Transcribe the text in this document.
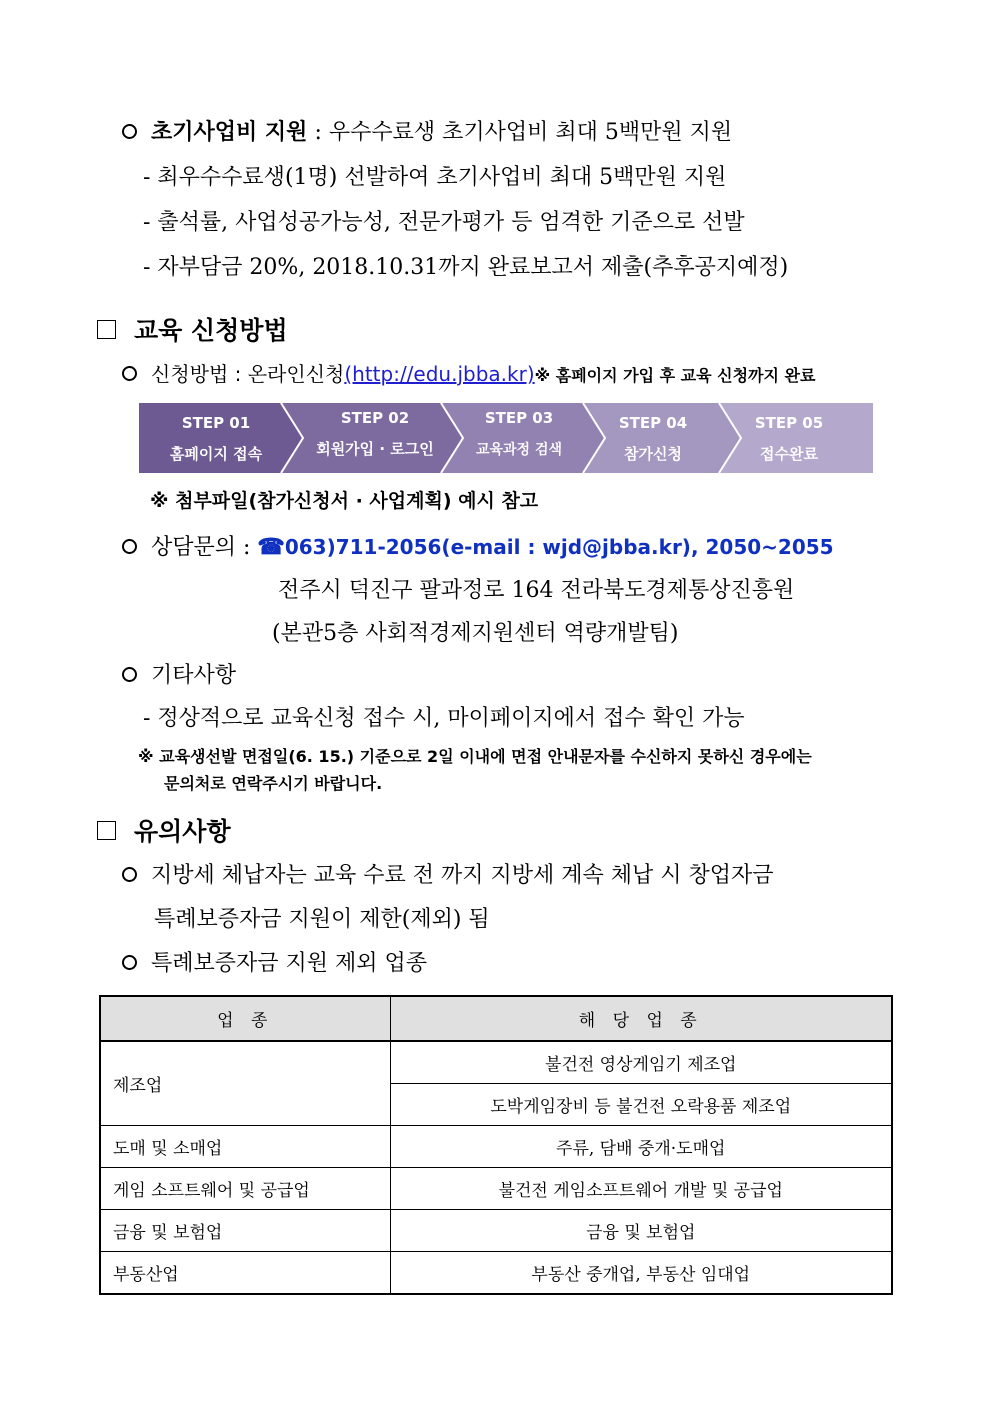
초기사업비 지원 : 우수수료생 초기사업비 최대 5백만원 지원
- 최우수수료생(1명) 선발하여 초기사업비 최대 5백만원 지원
- 출석률, 사업성공가능성, 전문가평가 등 엄격한 기준으로 선발
- 자부담금 20%, 2018.10.31까지 완료보고서 제출(추후공지예정)
교육 신청방법
신청방법 : 온라인신청(http://edu.jbba.kr)※ 홈페이지 가입 후 교육 신청까지 완료
STEP 01
홈페이지 접속
STEP 02
회원가입 · 로그인
STEP 03
교육과정 검색
STEP 04
참가신청
STEP 05
접수완료
※ 첨부파일(참가신청서 · 사업계획) 예시 참고
상담문의 : ☎063)711-2056(e-mail : wjd@jbba.kr), 2050~2055
전주시 덕진구 팔과정로 164 전라북도경제통상진흥원
(본관5층 사회적경제지원센터 역량개발팀)
기타사항
- 정상적으로 교육신청 접수 시, 마이페이지에서 접수 확인 가능
※ 교육생선발 면접일(6. 15.) 기준으로 2일 이내에 면접 안내문자를 수신하지 못하신 경우에는
문의처로 연락주시기 바랍니다.
유의사항
지방세 체납자는 교육 수료 전 까지 지방세 계속 체납 시 창업자금
특례보증자금 지원이 제한(제외) 됨
특례보증자금 지원 제외 업종
업 종	해 당 업 종
제조업	불건전 영상게임기 제조업
	도박게임장비 등 불건전 오락용품 제조업
도매 및 소매업	주류, 담배 중개·도매업
게임 소프트웨어 및 공급업	불건전 게임소프트웨어 개발 및 공급업
금융 및 보험업	금융 및 보험업
부동산업	부동산 중개업, 부동산 임대업
